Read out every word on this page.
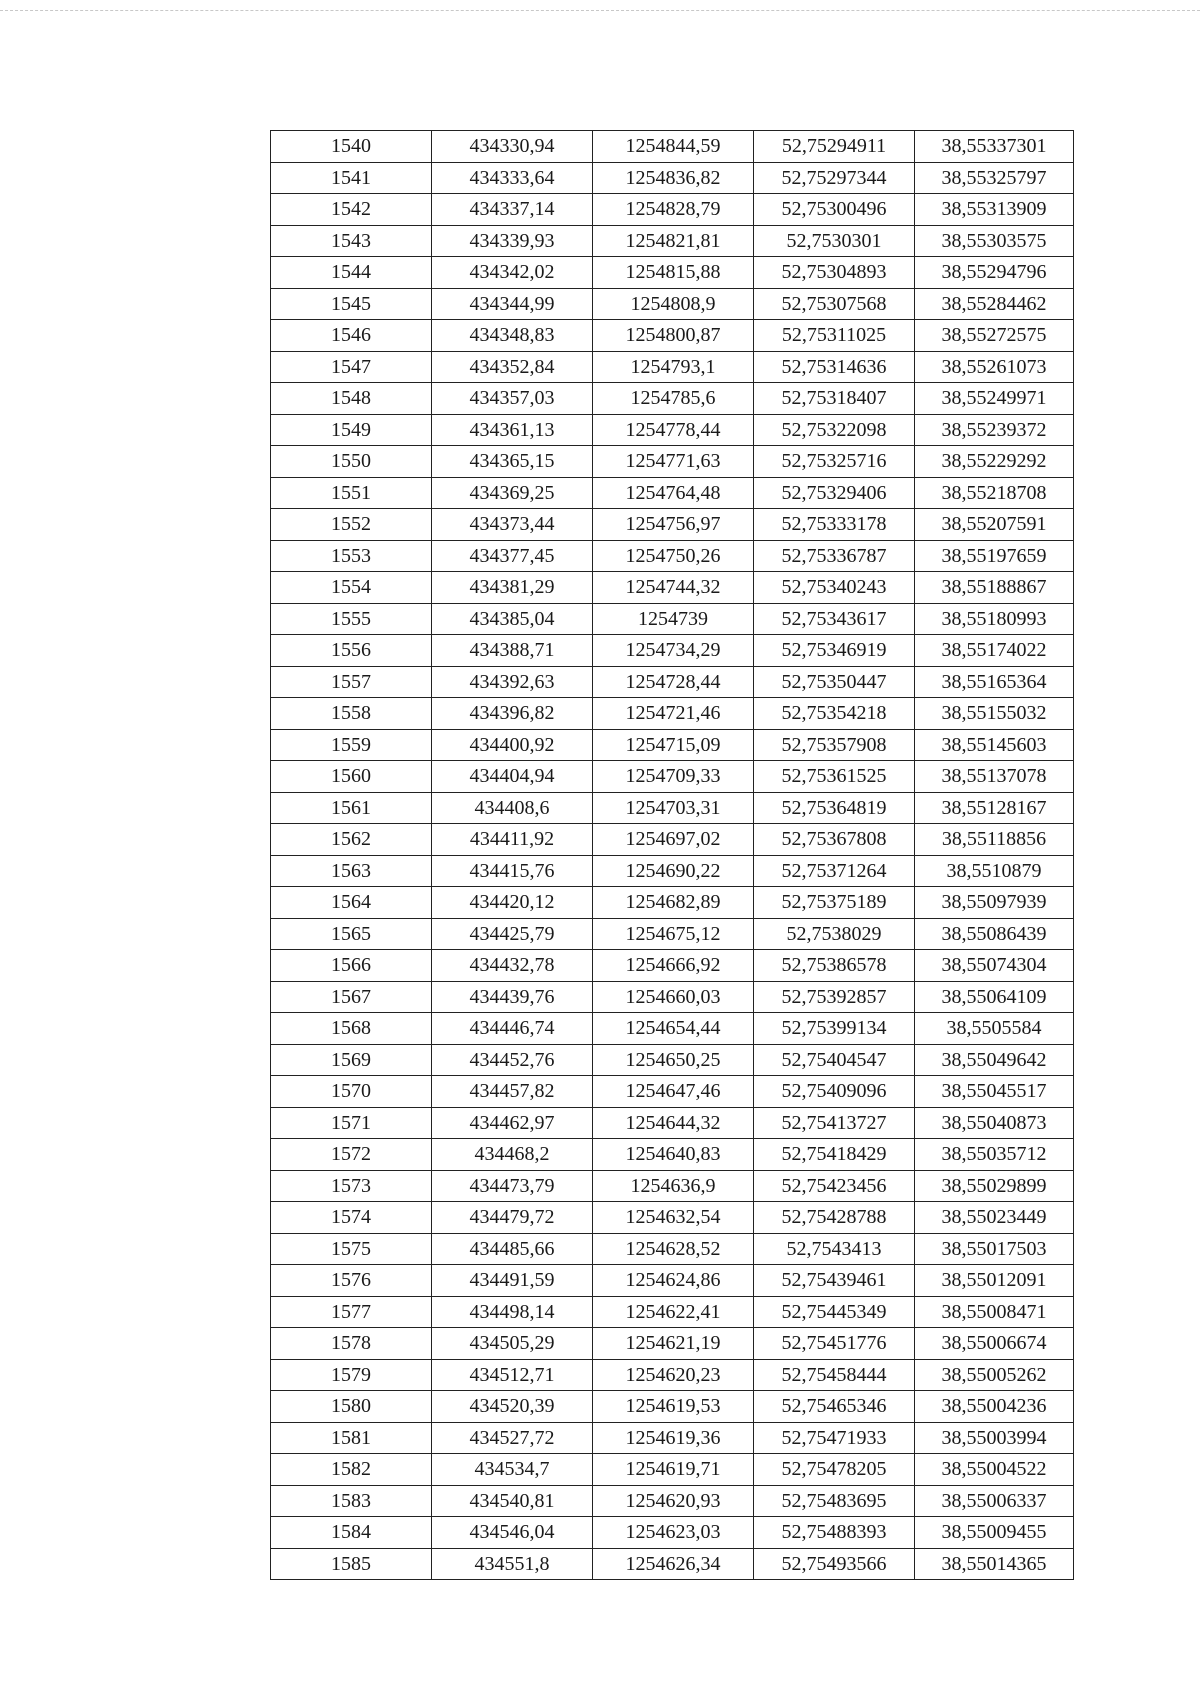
1540	434330,94	1254844,59	52,75294911	38,55337301
1541	434333,64	1254836,82	52,75297344	38,55325797
1542	434337,14	1254828,79	52,75300496	38,55313909
1543	434339,93	1254821,81	52,7530301	38,55303575
1544	434342,02	1254815,88	52,75304893	38,55294796
1545	434344,99	1254808,9	52,75307568	38,55284462
1546	434348,83	1254800,87	52,75311025	38,55272575
1547	434352,84	1254793,1	52,75314636	38,55261073
1548	434357,03	1254785,6	52,75318407	38,55249971
1549	434361,13	1254778,44	52,75322098	38,55239372
1550	434365,15	1254771,63	52,75325716	38,55229292
1551	434369,25	1254764,48	52,75329406	38,55218708
1552	434373,44	1254756,97	52,75333178	38,55207591
1553	434377,45	1254750,26	52,75336787	38,55197659
1554	434381,29	1254744,32	52,75340243	38,55188867
1555	434385,04	1254739	52,75343617	38,55180993
1556	434388,71	1254734,29	52,75346919	38,55174022
1557	434392,63	1254728,44	52,75350447	38,55165364
1558	434396,82	1254721,46	52,75354218	38,55155032
1559	434400,92	1254715,09	52,75357908	38,55145603
1560	434404,94	1254709,33	52,75361525	38,55137078
1561	434408,6	1254703,31	52,75364819	38,55128167
1562	434411,92	1254697,02	52,75367808	38,55118856
1563	434415,76	1254690,22	52,75371264	38,5510879
1564	434420,12	1254682,89	52,75375189	38,55097939
1565	434425,79	1254675,12	52,7538029	38,55086439
1566	434432,78	1254666,92	52,75386578	38,55074304
1567	434439,76	1254660,03	52,75392857	38,55064109
1568	434446,74	1254654,44	52,75399134	38,5505584
1569	434452,76	1254650,25	52,75404547	38,55049642
1570	434457,82	1254647,46	52,75409096	38,55045517
1571	434462,97	1254644,32	52,75413727	38,55040873
1572	434468,2	1254640,83	52,75418429	38,55035712
1573	434473,79	1254636,9	52,75423456	38,55029899
1574	434479,72	1254632,54	52,75428788	38,55023449
1575	434485,66	1254628,52	52,7543413	38,55017503
1576	434491,59	1254624,86	52,75439461	38,55012091
1577	434498,14	1254622,41	52,75445349	38,55008471
1578	434505,29	1254621,19	52,75451776	38,55006674
1579	434512,71	1254620,23	52,75458444	38,55005262
1580	434520,39	1254619,53	52,75465346	38,55004236
1581	434527,72	1254619,36	52,75471933	38,55003994
1582	434534,7	1254619,71	52,75478205	38,55004522
1583	434540,81	1254620,93	52,75483695	38,55006337
1584	434546,04	1254623,03	52,75488393	38,55009455
1585	434551,8	1254626,34	52,75493566	38,55014365
